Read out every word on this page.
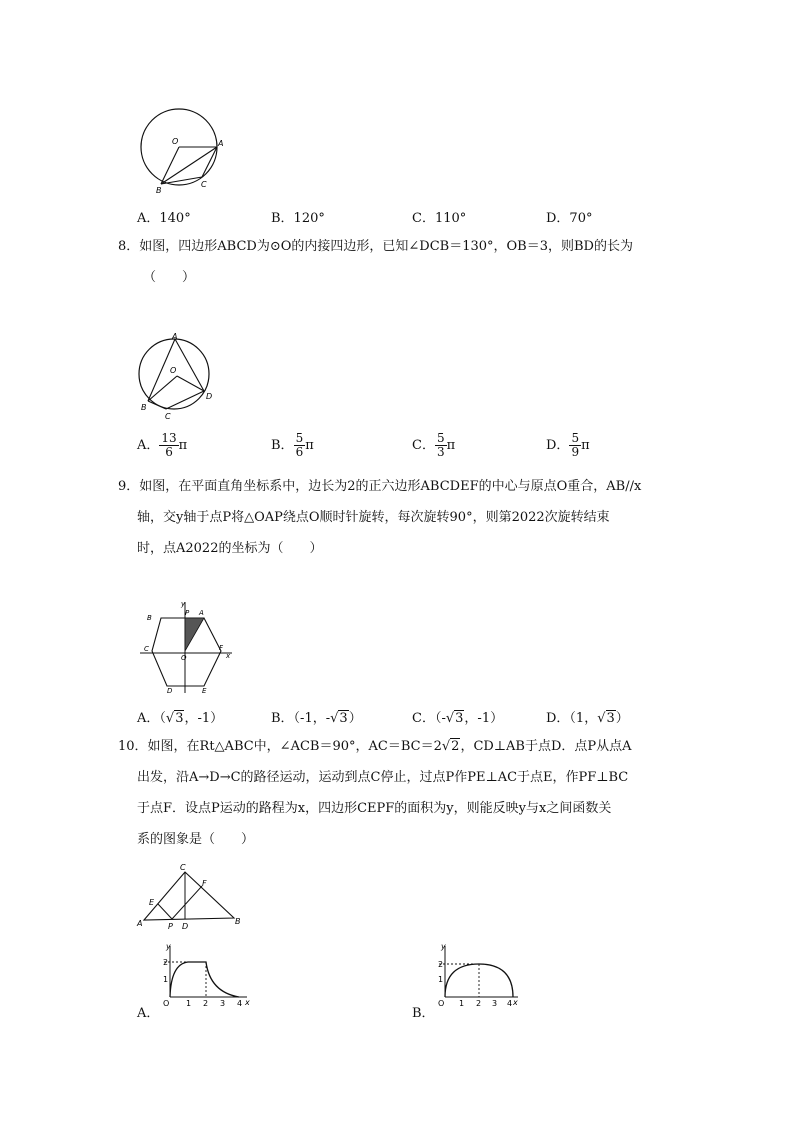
O	A
B
C
A．140°	B．120°	C．110°	D．70°
8．如图，四边形ABCD为⊙O的内接四边形，已知∠DCB＝130°，OB＝3，则BD的长为
（　　）
A
O
B
C
D
A． $\frac{13}{6}$ π	B． $\frac{5}{6}$ π	C． $\frac{5}{3}$ π	D． $\frac{5}{9}$ π
9．如图，在平面直角坐标系中，边长为2的正六边形ABCDEF的中心与原点O重合，AB//x
轴，交y轴于点P将△OAP绕点O顺时针旋转，每次旋转90°，则第2022次旋转结束
时，点A2022的坐标为（　　）
y
x
B
P A
C	F
O
D	E
A．（√3，-1）	B．（-1，-√3）	C．（-√3，-1）	D．（1，√3）
10．如图，在Rt△ABC中，∠ACB＝90°，AC＝BC＝2√2，CD⊥AB于点D．点P从点A
出发，沿A→D→C的路径运动，运动到点C停止，过点P作PE⊥AC于点E，作PF⊥BC
于点F．设点P运动的路程为x，四边形CEPF的面积为y，则能反映y与x之间函数关
系的图象是（　　）
C
F
E
A	P D
B
A．
y
x
O
2
1
1 2 3 4
B．
y
x
O
2
1
1 2 3 4
